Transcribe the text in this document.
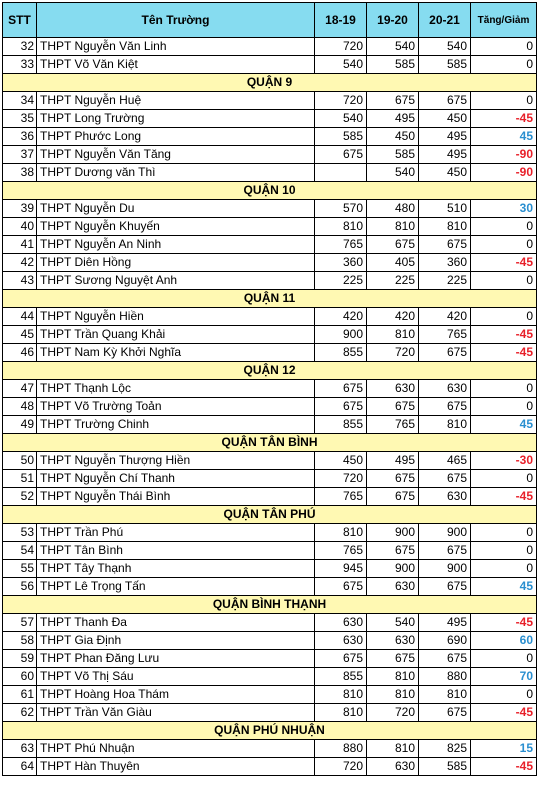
STT	Tên Trường	18-19	19-20	20-21	Tăng/Giảm
32	THPT Nguyễn Văn Linh	720	540	540	0
33	THPT Võ Văn Kiệt	540	585	585	0
QUẬN 9					
34	THPT Nguyễn Huệ	720	675	675	0
35	THPT Long Trường	540	495	450	-45
36	THPT Phước Long	585	450	495	45
37	THPT Nguyễn Văn Tăng	675	585	495	-90
38	THPT Dương văn Thì		540	450	-90
QUẬN 10					
39	THPT Nguyễn Du	570	480	510	30
40	THPT Nguyễn Khuyến	810	810	810	0
41	THPT Nguyễn An Ninh	765	675	675	0
42	THPT Diên Hồng	360	405	360	-45
43	THPT Sương Nguyệt Anh	225	225	225	0
QUẬN 11					
44	THPT Nguyễn Hiền	420	420	420	0
45	THPT Trần Quang Khải	900	810	765	-45
46	THPT Nam Kỳ Khởi Nghĩa	855	720	675	-45
QUẬN 12					
47	THPT Thạnh Lộc	675	630	630	0
48	THPT Võ Trường Toản	675	675	675	0
49	THPT Trường Chinh	855	765	810	45
QUẬN TÂN BÌNH					
50	THPT Nguyễn Thượng Hiền	450	495	465	-30
51	THPT Nguyễn Chí Thanh	720	675	675	0
52	THPT Nguyễn Thái Bình	765	675	630	-45
QUẬN TÂN PHÚ					
53	THPT Trần Phú	810	900	900	0
54	THPT Tân Bình	765	675	675	0
55	THPT Tây Thạnh	945	900	900	0
56	THPT Lê Trọng Tấn	675	630	675	45
QUẬN BÌNH THẠNH					
57	THPT Thanh Đa	630	540	495	-45
58	THPT Gia Định	630	630	690	60
59	THPT Phan Đăng Lưu	675	675	675	0
60	THPT Võ Thị Sáu	855	810	880	70
61	THPT Hoàng Hoa Thám	810	810	810	0
62	THPT Trần Văn Giàu	810	720	675	-45
QUẬN PHÚ NHUẬN					
63	THPT Phú Nhuận	880	810	825	15
64	THPT Hàn Thuyên	720	630	585	-45
